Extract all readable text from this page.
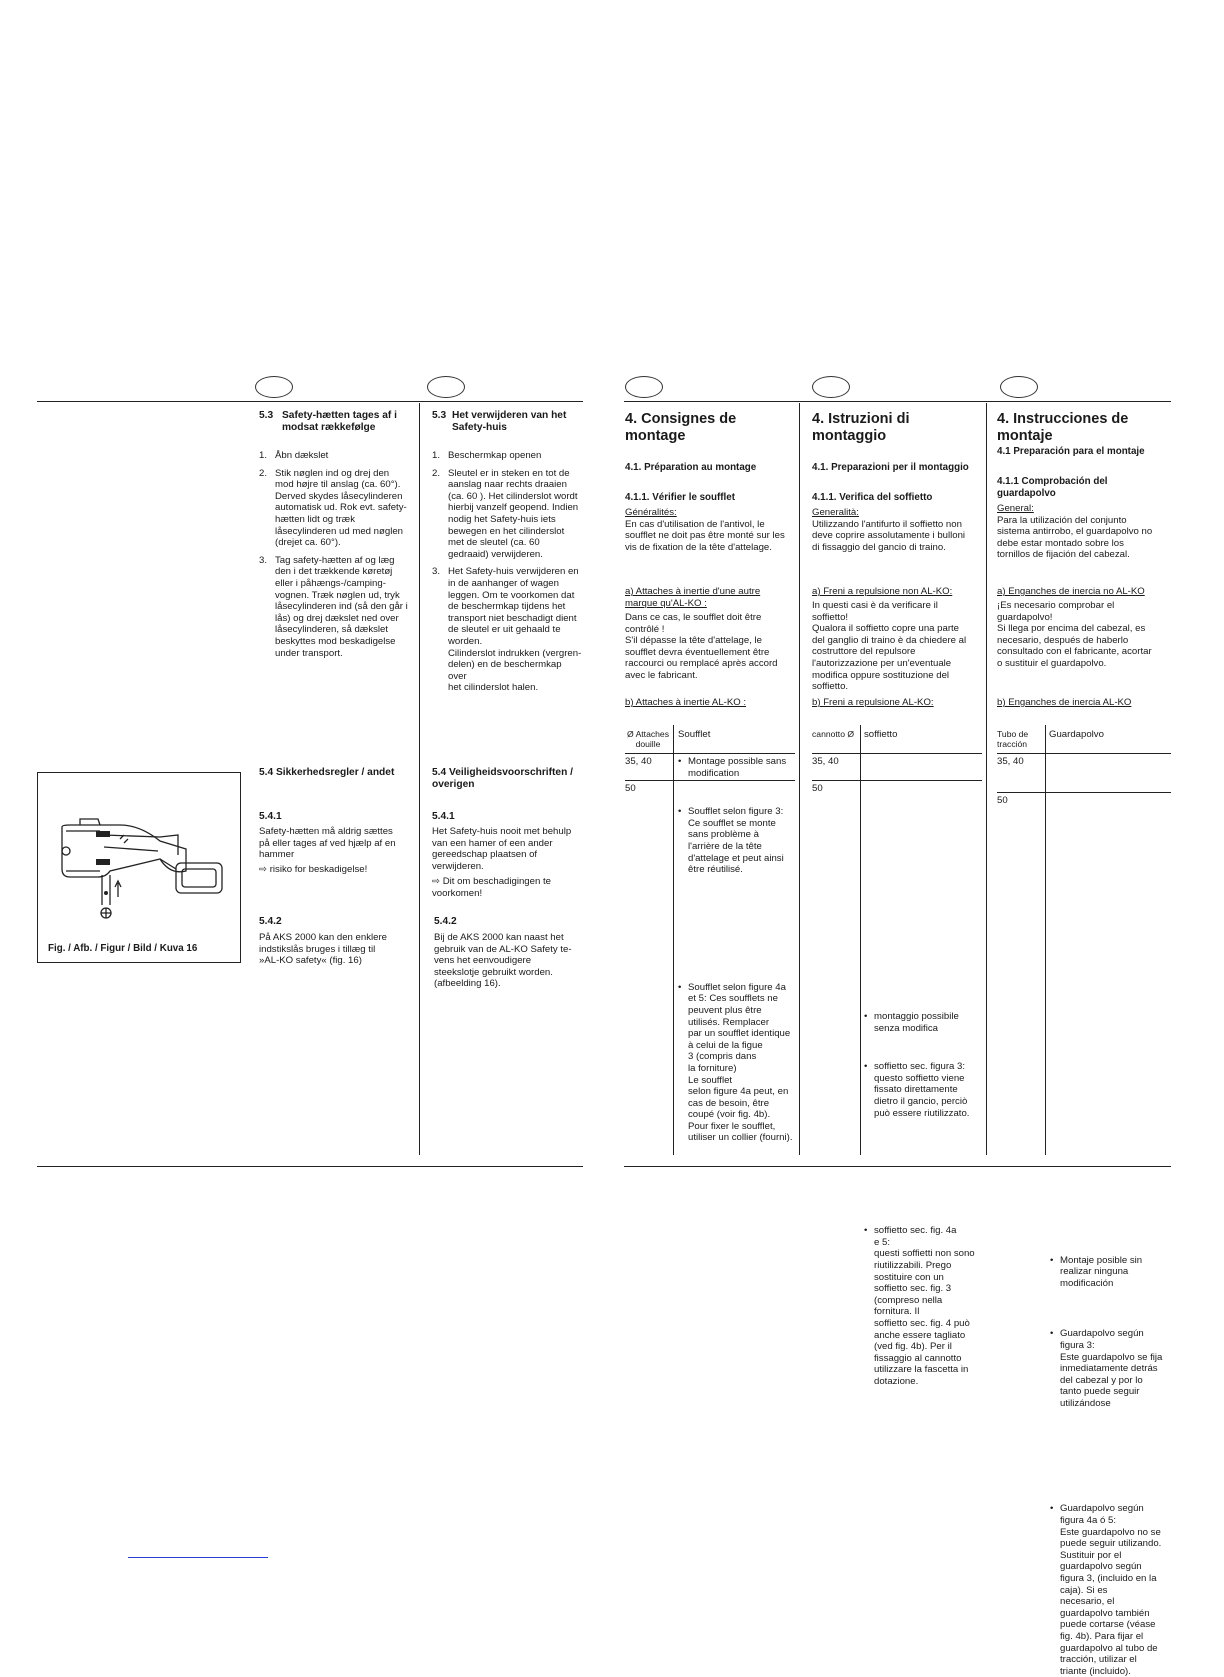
Fig. / Afb. / Figur / Bild / Kuva 16
5.3 Safety-hætten tages af i
modsat rækkefølge
1. Åbn dækslet
2. Stik nøglen ind og drej den
mod højre til anslag (ca. 60°).
Derved skydes låsecylinderen
automatisk ud. Rok evt. safety-
hætten lidt og træk
låsecylinderen ud med nøglen
(drejet ca. 60°).
3. Tag safety-hætten af og læg
den i det trækkende køretøj
eller i påhængs-/camping-
vognen. Træk nøglen ud, tryk
låsecylinderen ind (så den går i
lås) og drej dækslet ned over
låsecylinderen, så dækslet
beskyttes mod beskadigelse
under transport.
5.4 Sikkerhedsregler / andet
5.4.1
Safety-hætten må aldrig sættes
på eller tages af ved hjælp af en
hammer
⇨ risiko for beskadigelse!
5.4.2
På AKS 2000 kan den enklere
indstikslås bruges i tillæg til
»AL-KO safety« (fig. 16)
5.3 Het verwijderen van het
Safety-huis
1. Beschermkap openen
2. Sleutel er in steken en tot de
aanslag naar rechts draaien
(ca. 60 ). Het cilinderslot wordt
hierbij vanzelf geopend. Indien
nodig het Safety-huis iets
bewegen en het cilinderslot
met de sleutel (ca. 60
gedraaid) verwijderen.
3. Het Safety-huis verwijderen en
in de aanhanger of wagen
leggen. Om te voorkomen dat
de beschermkap tijdens het
transport niet beschadigt dient
de sleutel er uit gehaald te
worden.
Cilinderslot indrukken (vergren-
delen) en de beschermkap over
het cilinderslot halen.
5.4 Veiligheidsvoorschriften /
overigen
5.4.1
Het Safety-huis nooit met behulp
van een hamer of een ander
gereedschap plaatsen of
verwijderen.
⇨ Dit om beschadigingen te
voorkomen!
5.4.2
Bij de AKS 2000 kan naast het
gebruik van de AL-KO Safety te-
vens het eenvoudigere
steekslotje gebruikt worden.
(afbeelding 16).
4. Consignes de montage
4.1. Préparation au montage
4.1.1. Vérifier le soufflet
Généralités:
En cas d'utilisation de l'antivol, le
soufflet ne doit pas être monté sur les
vis de fixation de la tête d'attelage.
a) Attaches à inertie d'une autre
marque qu'AL-KO :
Dans ce cas, le soufflet doit être
contrôlé !
S'il dépasse la tête d'attelage, le
soufflet devra éventuellement être
raccourci ou remplacé après accord
avec le fabricant.
b) Attaches à inertie AL-KO :
Ø Attaches
douille
Soufflet
35, 40
•	Montage possible sans
modification
50
• Soufflet selon figure 3:
Ce soufflet se monte
sans problème à
l'arrière de la tête
d'attelage et peut ainsi
être réutilisé.
• Soufflet selon figure 4a
et 5: Ces soufflets ne
peuvent plus être
utilisés. Remplacer
par un soufflet identique
à celui de la figue
3 (compris dans
la forniture)
Le soufflet
selon figure 4a peut, en
cas de besoin, être
coupé (voir fig. 4b).
Pour fixer le soufflet,
utiliser un collier (fourni).
4. Istruzioni di montaggio
4.1. Preparazioni per il montaggio
4.1.1. Verifica del soffietto
Generalità:
Utilizzando l'antifurto il soffietto non
deve coprire assolutamente i bulloni
di fissaggio del gancio di traino.
a) Freni a repulsione non AL-KO:
In questi casi è da verificare il
soffietto!
Qualora il soffietto copre una parte
del ganglio di traino è da chiedere al
costruttore del repulsore
l'autorizzazione per un'eventuale
modifica oppure sostituzione del
soffietto.
b) Freni a repulsione AL-KO:
cannotto Ø soffietto
35, 40
• montaggio possibile
senza modifica
50
• soffietto sec. figura 3:
questo soffietto viene
fissato direttamente
dietro il gancio, perciò
può essere riutilizzato.
• soffietto sec. fig. 4a
e 5:
questi soffietti non sono
riutilizzabili. Prego
sostituire con un
soffietto sec. fig. 3
(compreso nella
fornitura. Il
soffietto sec. fig. 4 può
anche essere tagliato
(ved fig. 4b). Per il
fissaggio al cannotto
utilizzare la fascetta in
dotazione.
4. Instrucciones de
montaje
4.1 Preparación para el montaje
4.1.1 Comprobación del
guardapolvo
General:
Para la utilización del conjunto
sistema antirrobo, el guardapolvo no
debe estar montado sobre los
tornillos de fijación del cabezal.
a) Enganches de inercia no AL-KO
¡Es necesario comprobar el
guardapolvo!
Si llega por encima del cabezal, es
necesario, después de haberlo
consultado con el fabricante, acortar
o sustituir el guardapolvo.
b) Enganches de inercia AL-KO
Tubo de
tracción
Guardapolvo
35, 40
• Montaje posible sin
realizar ninguna
modificación
50
• Guardapolvo según
figura 3:
Este guardapolvo se fija
inmediatamente detrás
del cabezal y por lo
tanto puede seguir
utilizándose
• Guardapolvo según
figura 4a ó 5:
Este guardapolvo no se
puede seguir utilizando.
Sustituir por el
guardapolvo según
figura 3, (incluido en la
caja). Si es
necesario, el
guardapolvo también
puede cortarse (véase
fig. 4b). Para fijar el
guardapolvo al tubo de
tracción, utilizar el
triante (incluido).
